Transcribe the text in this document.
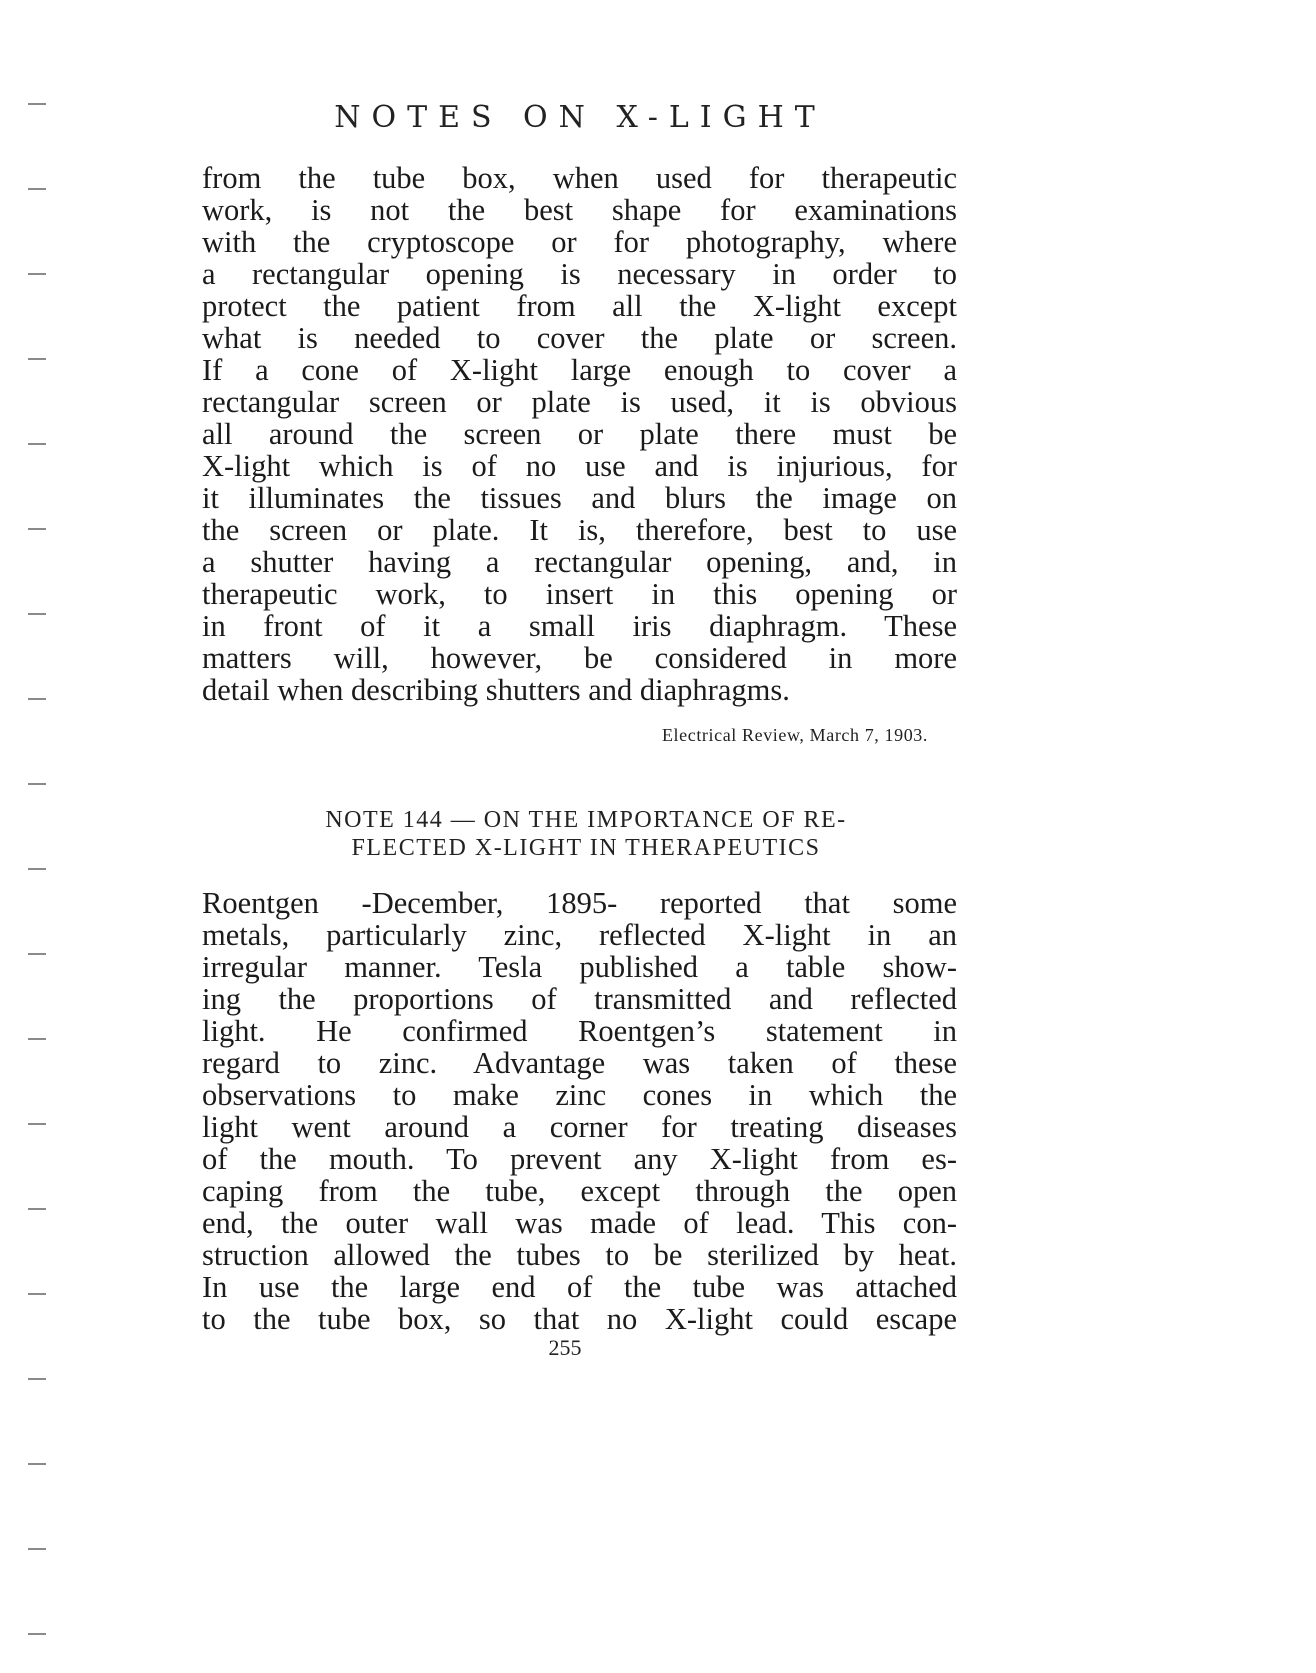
NOTES ON X-LIGHT
from the tube box, when used for therapeutic
work, is not the best shape for examinations
with the cryptoscope or for photography, where
a rectangular opening is necessary in order to
protect the patient from all the X-light except
what is needed to cover the plate or screen.
If a cone of X-light large enough to cover a
rectangular screen or plate is used, it is obvious
all around the screen or plate there must be
X-light which is of no use and is injurious, for
it illuminates the tissues and blurs the image on
the screen or plate. It is, therefore, best to use
a shutter having a rectangular opening, and, in
therapeutic work, to insert in this opening or
in front of it a small iris diaphragm. These
matters will, however, be considered in more
detail when describing shutters and diaphragms.
Electrical Review, March 7, 1903.
NOTE 144 — ON THE IMPORTANCE OF RE-
FLECTED X-LIGHT IN THERAPEUTICS
Roentgen -December, 1895- reported that some
metals, particularly zinc, reflected X-light in an
irregular manner. Tesla published a table show-
ing the proportions of transmitted and reflected
light. He confirmed Roentgen’s statement in
regard to zinc. Advantage was taken of these
observations to make zinc cones in which the
light went around a corner for treating diseases
of the mouth. To prevent any X-light from es-
caping from the tube, except through the open
end, the outer wall was made of lead. This con-
struction allowed the tubes to be sterilized by heat.
In use the large end of the tube was attached
to the tube box, so that no X-light could escape
255
